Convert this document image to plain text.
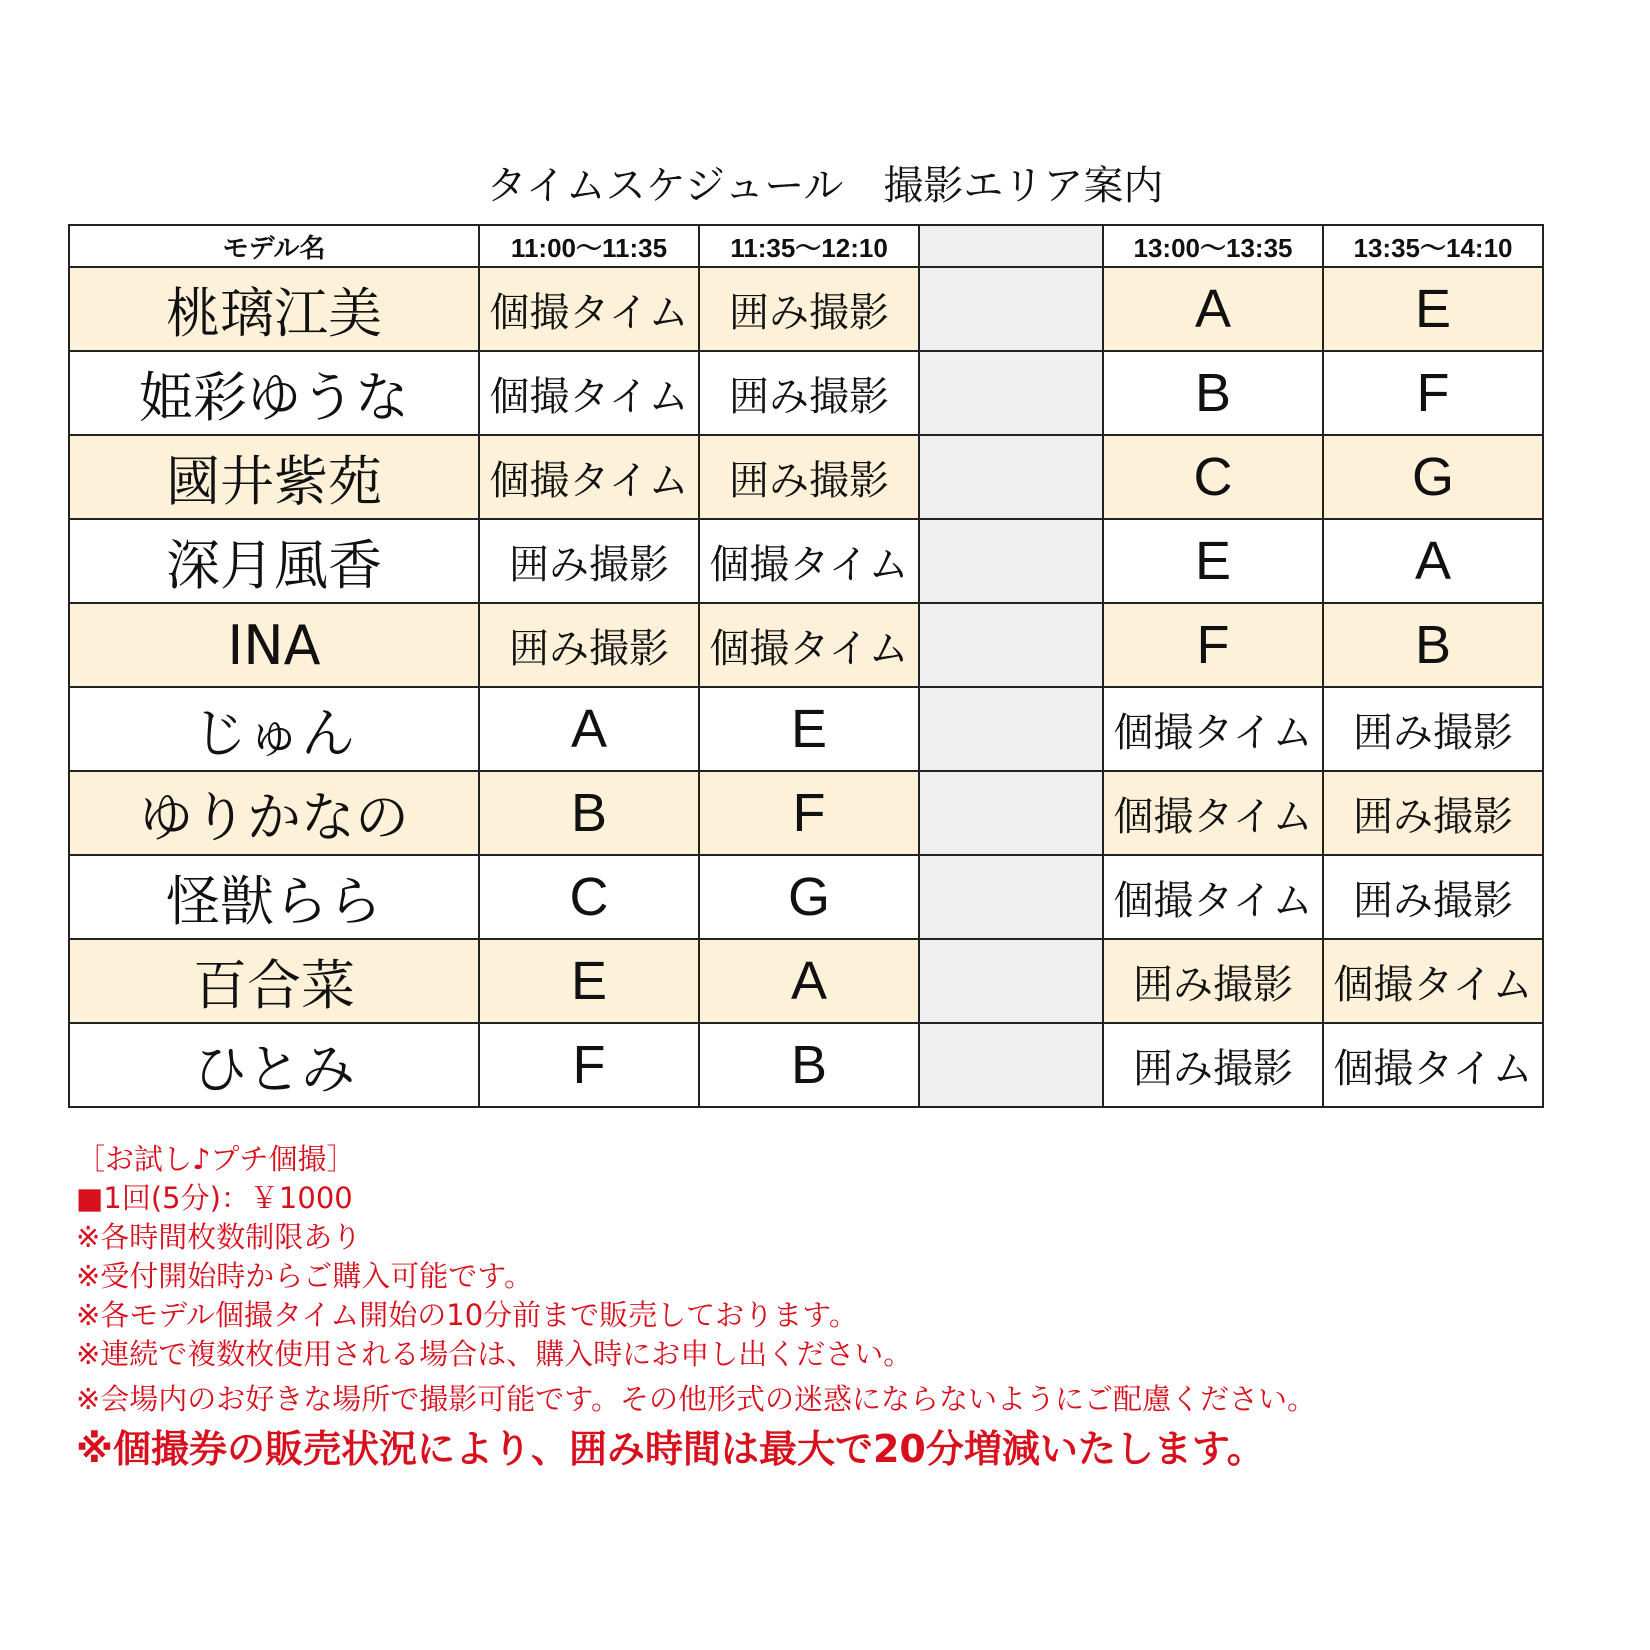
タイムスケジュール　撮影エリア案内
モデル名	11:00〜11:35	11:35〜12:10		13:00〜13:35	13:35〜14:10
桃璃江美	個撮タイム	囲み撮影		A	E
姫彩ゆうな	個撮タイム	囲み撮影		B	F
國井紫苑	個撮タイム	囲み撮影		C	G
深月風香	囲み撮影	個撮タイム		E	A
INA	囲み撮影	個撮タイム		F	B
じゅん	A	E		個撮タイム	囲み撮影
ゆりかなの	B	F		個撮タイム	囲み撮影
怪獣らら	C	G		個撮タイム	囲み撮影
百合菜	E	A		囲み撮影	個撮タイム
ひとみ	F	B		囲み撮影	個撮タイム
［お試し♪プチ個撮］
■1回(5分)：￥1000
※各時間枚数制限あり
※受付開始時からご購入可能です。
※各モデル個撮タイム開始の10分前まで販売しております。
※連続で複数枚使用される場合は、購入時にお申し出ください。
※会場内のお好きな場所で撮影可能です。その他形式の迷惑にならないようにご配慮ください。
※個撮券の販売状況により、囲み時間は最大で20分増減いたします。
